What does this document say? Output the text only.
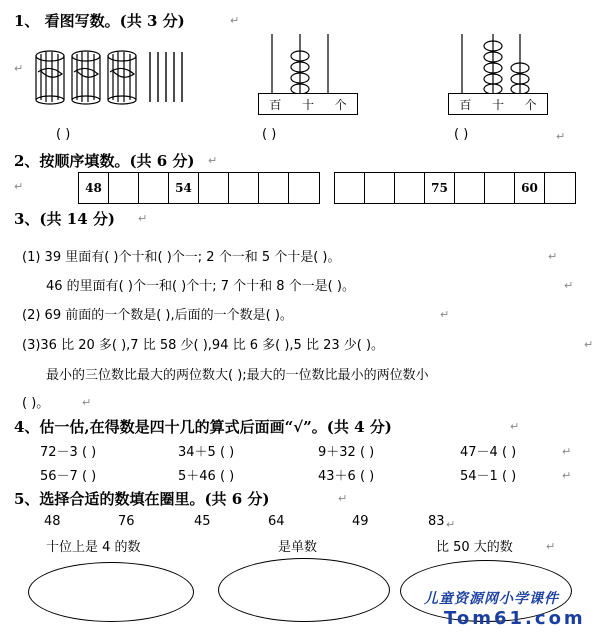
1、 看图写数。(共 3 分)	↵
↵
百 十 个	百 十 个
( )	( )	( )	↵
2、按顺序填数。(共 6 分) ↵
↵	48	54	75	60
3、(共 14 分) ↵
(1) 39 里面有( )个十和( )个一; 2 个一和 5 个十是( )。	↵
46 的里面有( )个一和( )个十; 7 个十和 8 个一是( )。	↵
(2) 69 前面的一个数是( ),后面的一个数是( )。	↵
(3)36 比 20 多( ),7 比 58 少( ),94 比 6 多( ),5 比 23 少( )。	↵
最小的三位数比最大的两位数大( );最大的一位数比最小的两位数小
( )。	↵
4、估一估,在得数是四十几的算式后面画“√”。(共 4 分)	↵
72－3 ( )	34＋5 ( )	9＋32 ( )	47－4 ( )	↵
56－7 ( )	5＋46 ( )	43＋6 ( )	54－1 ( )	↵
5、选择合适的数填在圈里。(共 6 分)	↵
48	76	45	64	49	83 ↵
十位上是 4 的数	是单数	比 50 大的数	↵
儿童资源网小学课件
Tom61.com
